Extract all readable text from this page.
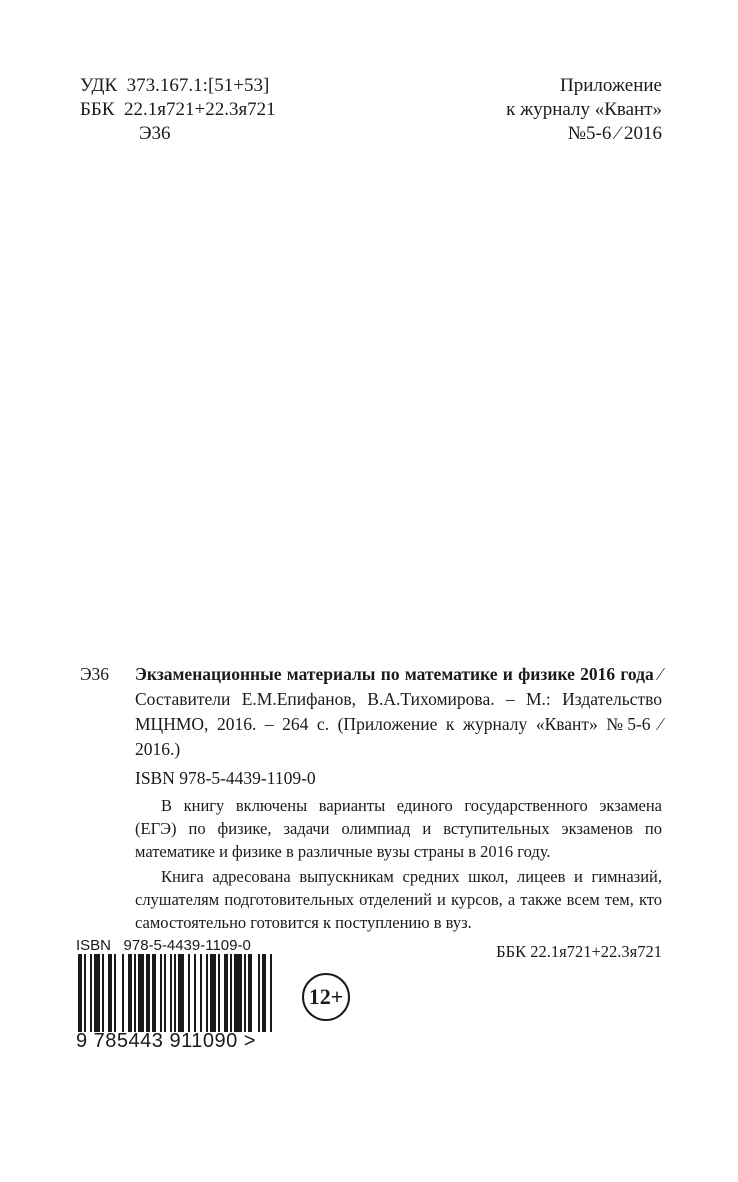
УДК  373.167.1:[51+53]
ББК  22.1я721+22.3я721
Э36
Приложение
к журналу «Квант»
№5-6 ⁄ 2016
Э36 Экзаменационные материалы по математике и физике 2016 года ⁄ Составители Е.М.Епифанов, В.А.Тихомирова. – М.: Издательство МЦНМО, 2016. – 264 с. (Приложение к журналу «Квант» №5-6 ⁄ 2016.)
ISBN 978-5-4439-1109-0

В книгу включены варианты единого государственного экзамена (ЕГЭ) по физике, задачи олимпиад и вступительных экзаменов по математике и физике в различные вузы страны в 2016 году.

Книга адресована выпускникам средних школ, лицеев и гимназий, слушателям подготовительных отделений и курсов, а также всем тем, кто самостоятельно готовится к поступлению в вуз.

ББК 22.1я721+22.3я721
ISBN   978-5-4439-1109-0
9 785443 911090 >
12+
